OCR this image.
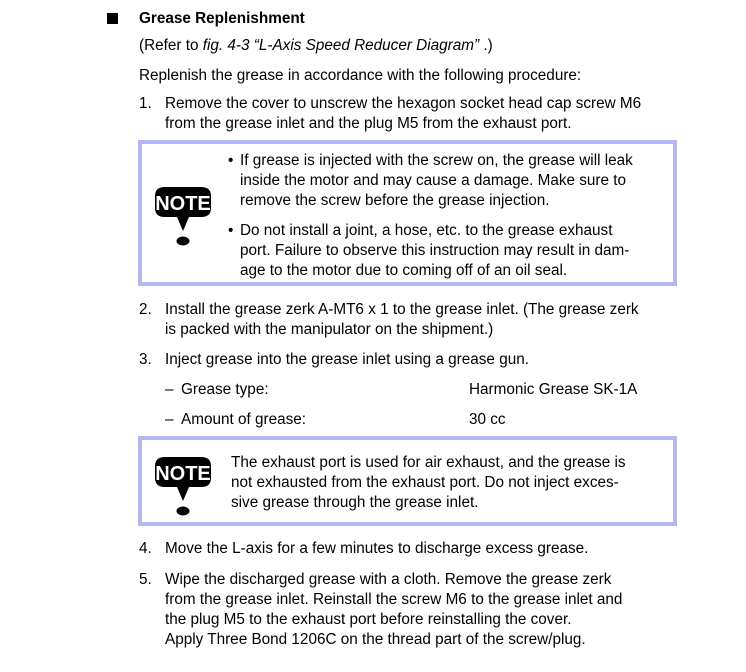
Grease Replenishment
(Refer to fig. 4-3 “L-Axis Speed Reducer Diagram” .)
Replenish the grease in accordance with the following procedure:
1. Remove the cover to unscrew the hexagon socket head cap screw M6
from the grease inlet and the plug M5 from the exhaust port.
NOTE
• If grease is injected with the screw on, the grease will leak
inside the motor and may cause a damage. Make sure to
remove the screw before the grease injection.
• Do not install a joint, a hose, etc. to the grease exhaust
port. Failure to observe this instruction may result in dam-
age to the motor due to coming off of an oil seal.
2. Install the grease zerk A-MT6 x 1 to the grease inlet. (The grease zerk
is packed with the manipulator on the shipment.)
3. Inject grease into the grease inlet using a grease gun.
– Grease type:	Harmonic Grease SK-1A
– Amount of grease:	30 cc
NOTE
The exhaust port is used for air exhaust, and the grease is
not exhausted from the exhaust port. Do not inject exces-
sive grease through the grease inlet.
4. Move the L-axis for a few minutes to discharge excess grease.
5. Wipe the discharged grease with a cloth. Remove the grease zerk
from the grease inlet. Reinstall the screw M6 to the grease inlet and
the plug M5 to the exhaust port before reinstalling the cover.
Apply Three Bond 1206C on the thread part of the screw/plug.
